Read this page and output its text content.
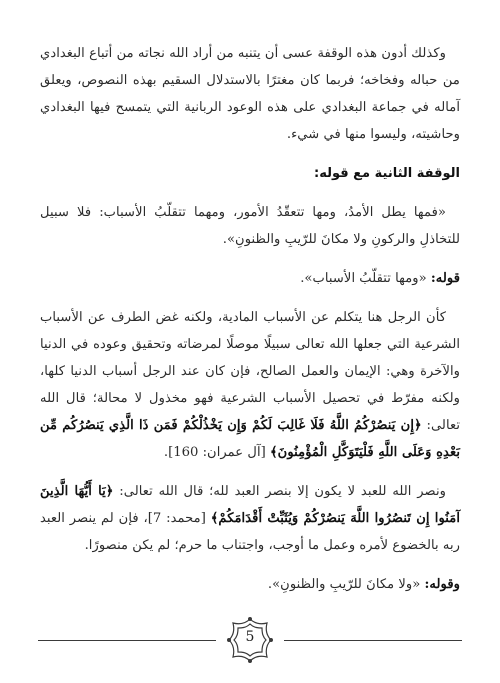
وكذلك أدون هذه الوقفة عسى أن يتنبه من أراد الله نجاته من أتباع البغدادي من حباله وفخاخه؛ فربما كان مغترًا بالاستدلال السقيم بهذه النصوص، ويعلق آماله في جماعة البغدادي على هذه الوعود الربانية التي يتمسح فيها البغدادي وحاشيته، وليسوا منها في شيء.

الوقفة الثانية مع قوله:

«فمها يطل الأمدُ، ومها تتعقّدُ الأمور، ومهما تتقلّبُ الأسباب: فلا سبيل للتخاذلِ والركونِ ولا مكانَ للرّيبِ والظنونِ».

قوله: «ومها تتقلّبُ الأسباب».

كأن الرجل هنا يتكلم عن الأسباب المادية، ولكنه غض الطرف عن الأسباب الشرعية التي جعلها الله تعالى سبيلًا موصلًا لمرضاته وتحقيق وعوده في الدنيا والآخرة وهي: الإيمان والعمل الصالح، فإن كان عند الرجل أسباب الدنيا كلها، ولكنه مفرّط في تحصيل الأسباب الشرعية فهو مخذول لا محالة؛ قال الله تعالى: ﴿إِن يَنصُرْكُمُ اللَّهُ فَلَا غَالِبَ لَكُمْ وَإِن يَخْذُلْكُمْ فَمَن ذَا الَّذِي يَنصُرُكُم مِّن بَعْدِهِ وَعَلَى اللَّهِ فَلْيَتَوَكَّلِ الْمُؤْمِنُونَ﴾ [آل عمران: 160].

ونصر الله للعبد لا يكون إلا بنصر العبد لله؛ قال الله تعالى: ﴿يَا أَيُّهَا الَّذِينَ آمَنُوا إِن تَنصُرُوا اللَّهَ يَنصُرْكُمْ وَيُثَبِّتْ أَقْدَامَكُمْ﴾ [محمد: 7]، فإن لم ينصر العبد ربه بالخضوع لأمره وعمل ما أوجب، واجتناب ما حرم؛ لم يكن منصورًا.

وقوله: «ولا مكانَ للرّيبِ والظنونِ».

5
